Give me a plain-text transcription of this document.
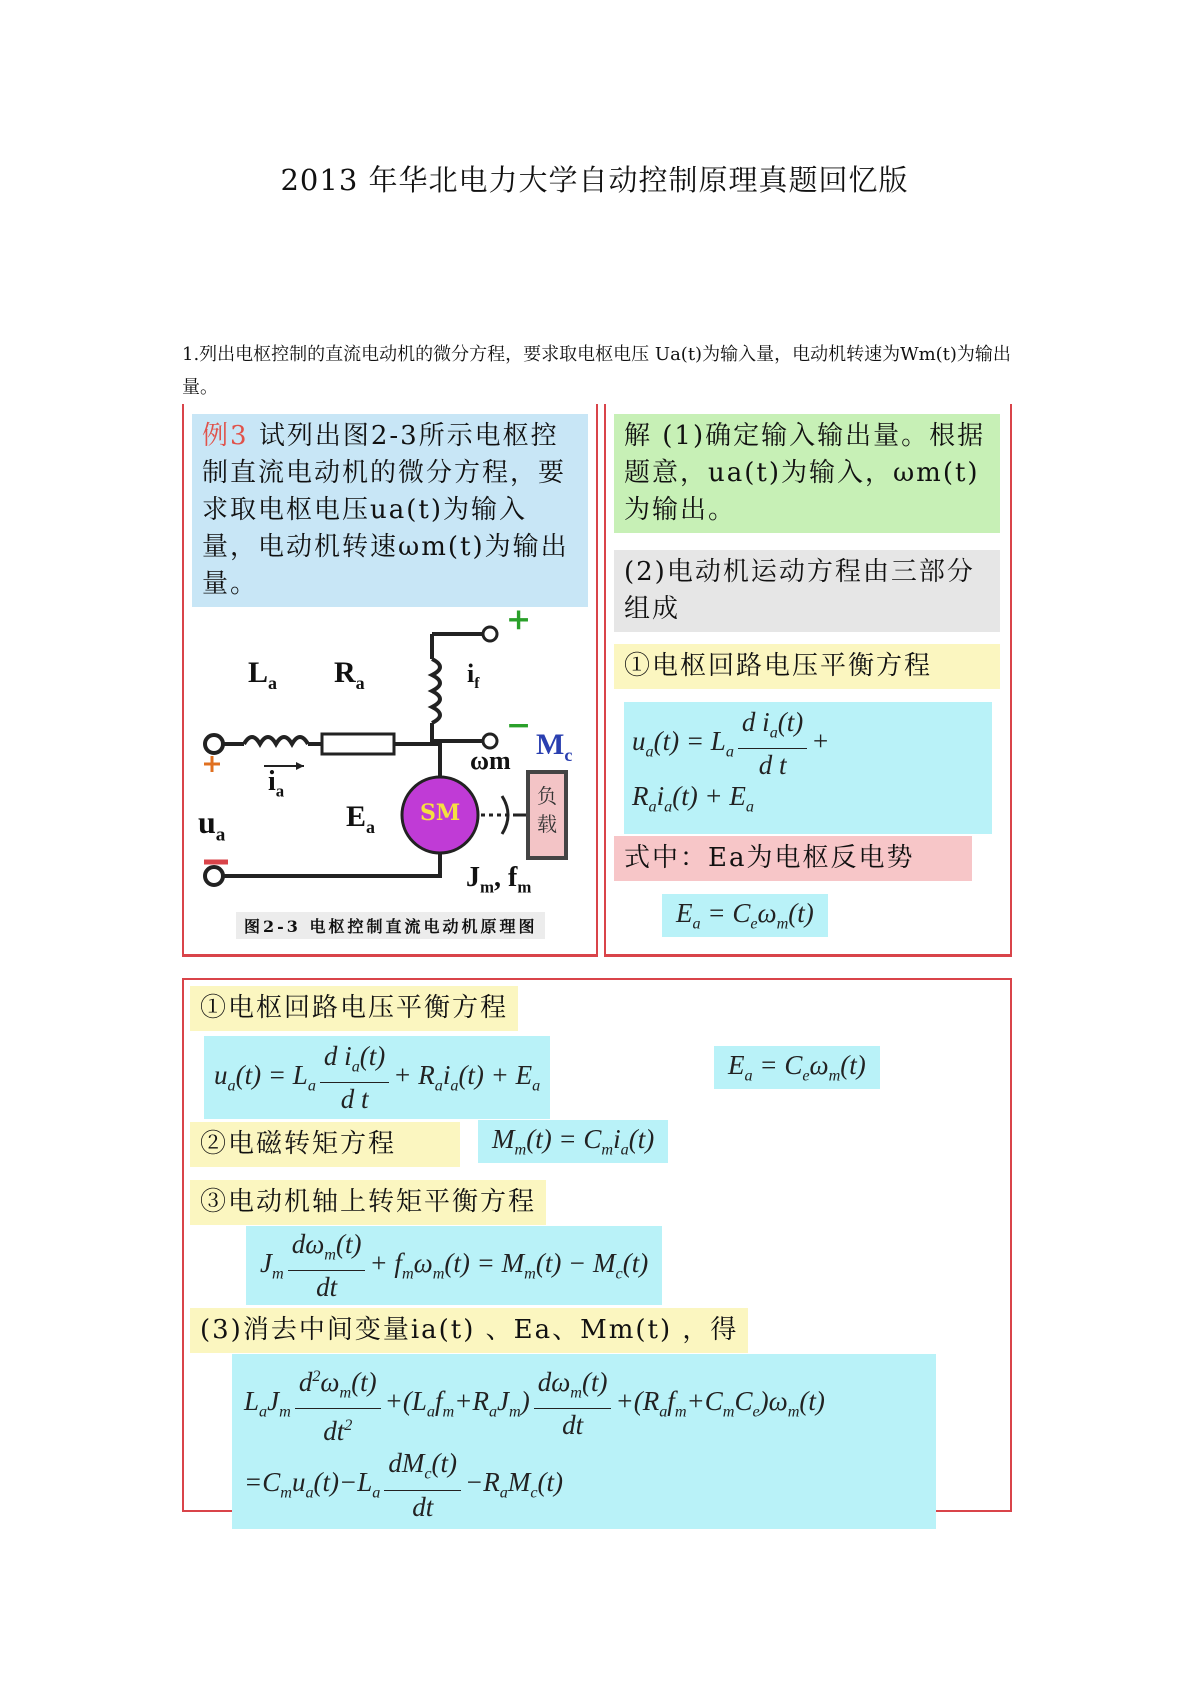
2013 年华北电力大学自动控制原理真题回忆版
1.列出电枢控制的直流电动机的微分方程，要求取电枢电压 Ua(t)为输入量，电动机转速为Wm(t)为输出量。
例3 试列出图2-3所示电枢控制直流电动机的微分方程，要求取电枢电压ua(t)为输入量，电动机转速ωm(t)为输出量。
$L_a$ $R_a$
$i_a$
$u_a$
$E_a$
$i_f$
+
−
ωm $M_c$
$J_m$, $f_m$
SM
负载
图2-3 电枢控制直流电动机原理图
解 (1)确定输入输出量。根据题意，ua(t)为输入，ωm(t)为输出。
(2)电动机运动方程由三部分组成
①电枢回路电压平衡方程
$u_a(t) = L_a \frac{d i_a(t)}{\text{d t}}$ +
$R_ai_a(t) + E_a$
式中：Ea为电枢反电势
$E_a = C_e\omega_m(t)$
①电枢回路电压平衡方程
$u_a(t) = L_a \frac{d i_a(t)}{\text{d t}} + R_ai_a(t) + E_a$
$E_a = C_e\omega_m(t)$
②电磁转矩方程	$M_m(t) = C_mi_a(t)$
③电动机轴上转矩平衡方程
$J_m \frac{d\omega_m(t)}{dt} + f_m\omega_m(t) = M_m(t) - M_c(t)$
(3)消去中间变量ia(t) 、Ea、Mm(t) ，得
$L_aJ_m \frac{d^2\omega_m(t)}{dt^2} +(L_af_m+R_aJ_m) \frac{d\omega_m(t)}{dt} +(R_af_m+C_mC_e)\omega_m(t)$
$=C_mu_a(t)-L_a \frac{dM_c(t)}{dt} -R_aM_c(t)$
